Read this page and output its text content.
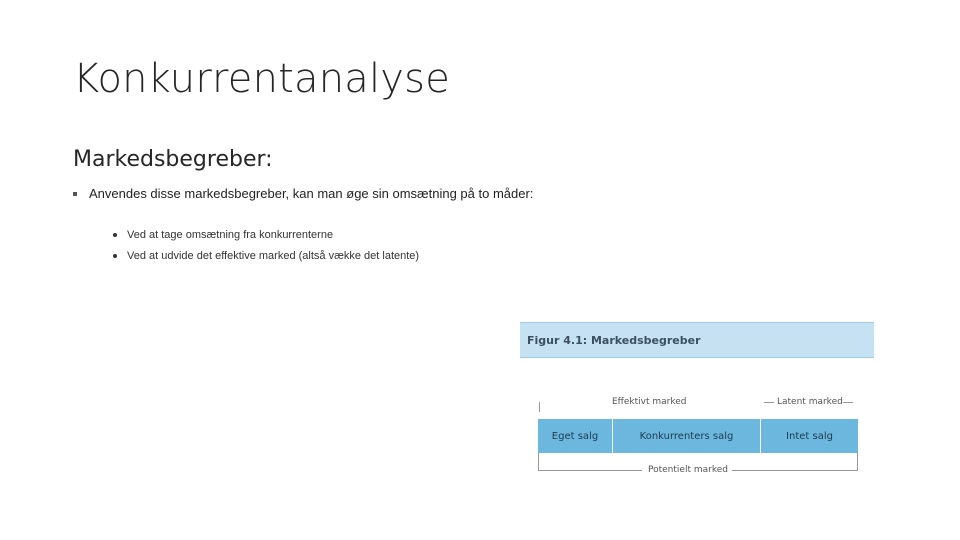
Konkurrentanalyse
Markedsbegreber:
Anvendes disse markedsbegreber, kan man øge sin omsætning på to måder:
Ved at tage omsætning fra konkurrenterne
Ved at udvide det effektive marked (altså vække det latente)
Figur 4.1: Markedsbegreber
Effektivt marked	Latent marked
Eget salg	Konkurrenters salg	Intet salg
Potentielt marked
